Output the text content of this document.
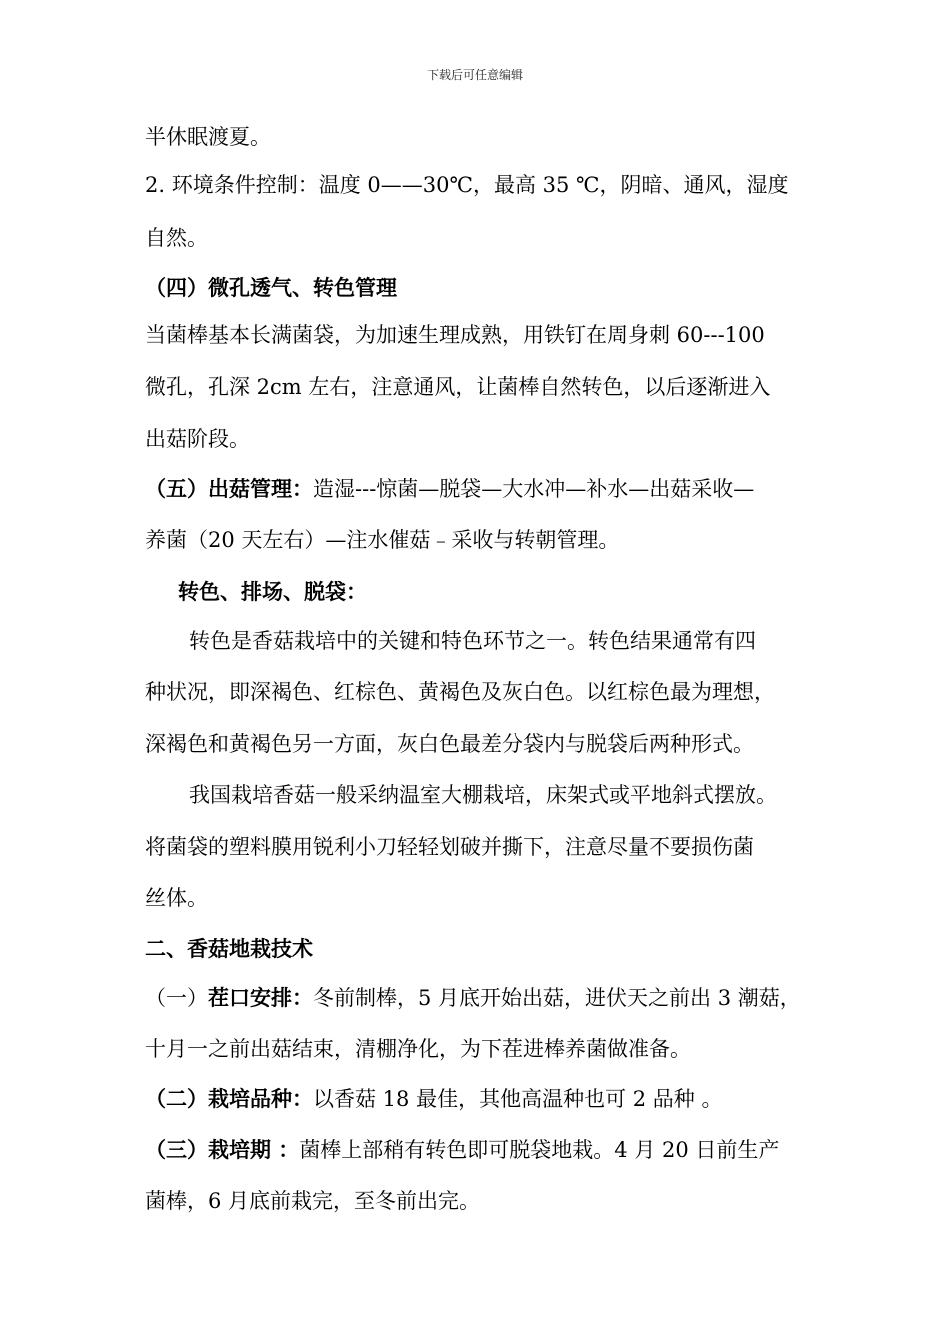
下载后可任意编辑
半休眠渡夏。
2. 环境条件控制：温度 0——30℃，最高 35 ℃，阴暗、通风，湿度
自然。
（四）微孔透气、转色管理
当菌棒基本长满菌袋，为加速生理成熟，用铁钉在周身刺 60---100
微孔，孔深 2cm 左右，注意通风，让菌棒自然转色，以后逐渐进入
出菇阶段。
（五）出菇管理：造湿---惊菌—脱袋—大水冲—补水—出菇采收—
养菌（20 天左右）—注水催菇﹣采收与转朝管理。
转色、排场、脱袋：
转色是香菇栽培中的关键和特色环节之一。转色结果通常有四
种状况，即深褐色、红棕色、黄褐色及灰白色。以红棕色最为理想，
深褐色和黄褐色另一方面，灰白色最差分袋内与脱袋后两种形式。
我国栽培香菇一般采纳温室大棚栽培，床架式或平地斜式摆放。
将菌袋的塑料膜用锐利小刀轻轻划破并撕下，注意尽量不要损伤菌
丝体。
二、香菇地栽技术
（一）茬口安排：冬前制棒，5 月底开始出菇，进伏天之前出 3 潮菇，
十月一之前出菇结束，清棚净化，为下茬进棒养菌做准备。
（二）栽培品种：以香菇 18 最佳，其他高温种也可 2 品种 。
（三）栽培期 ：菌棒上部稍有转色即可脱袋地栽。4 月 20 日前生产
菌棒，6 月底前栽完，至冬前出完。
